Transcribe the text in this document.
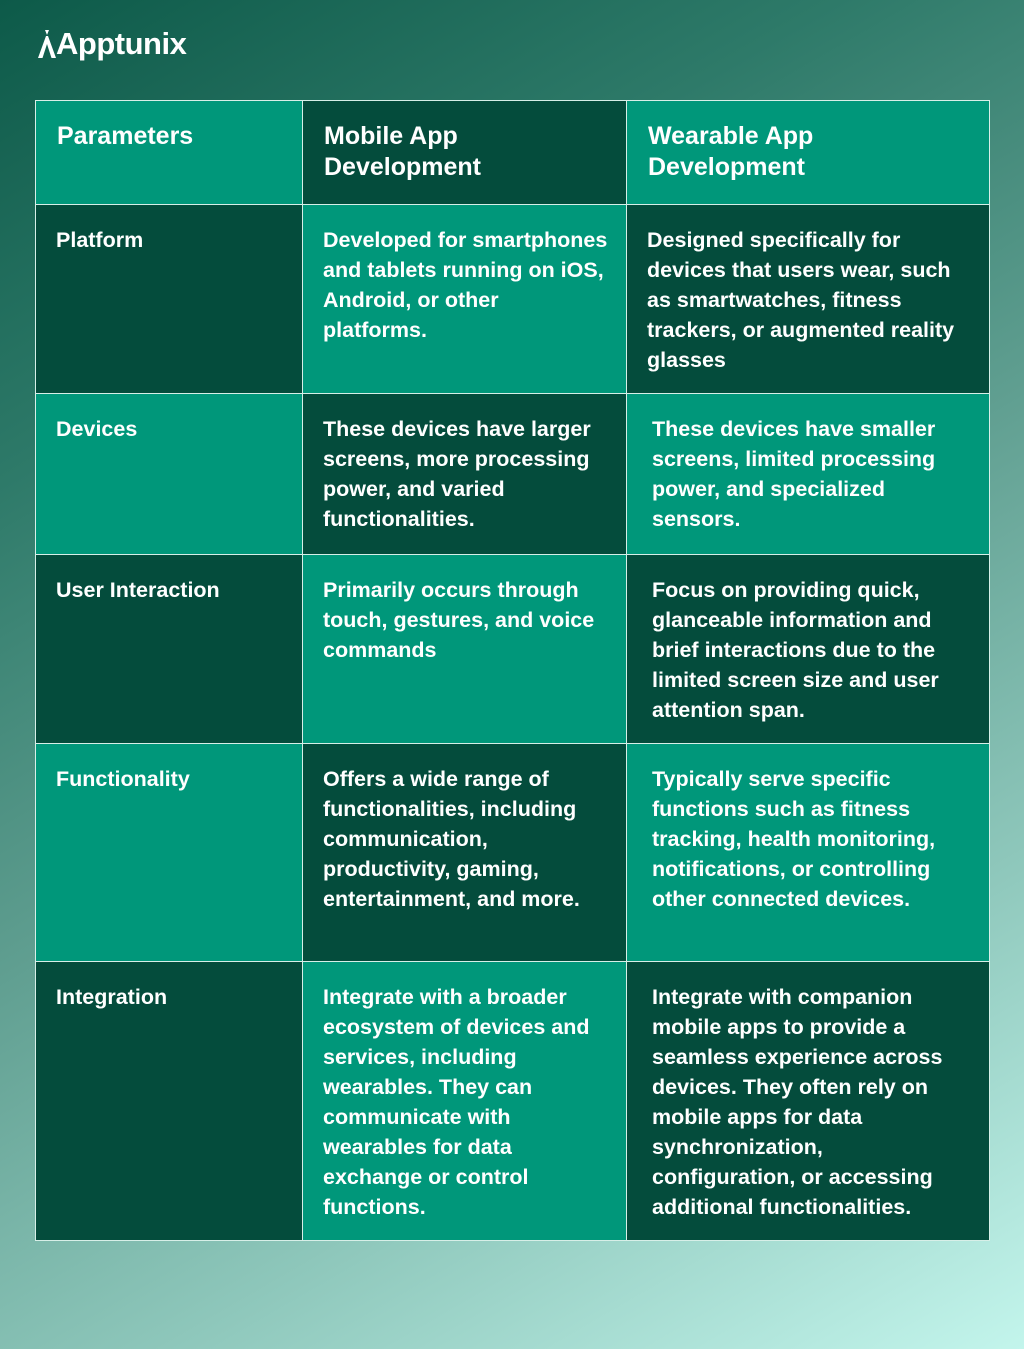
Apptunix
Parameters	Mobile App Development	Wearable App Development
Platform	Developed for smartphones and tablets running on iOS, Android, or other platforms.	Designed specifically for devices that users wear, such as smartwatches, fitness trackers, or augmented reality glasses
Devices	These devices have larger screens, more processing power, and varied functionalities.	These devices have smaller screens, limited processing power, and specialized sensors.
User Interaction	Primarily occurs through touch, gestures, and voice commands	Focus on providing quick, glanceable information and brief interactions due to the limited screen size and user attention span.
Functionality	Offers a wide range of functionalities, including communication, productivity, gaming, entertainment, and more.	Typically serve specific functions such as fitness tracking, health monitoring, notifications, or controlling other connected devices.
Integration	Integrate with a broader ecosystem of devices and services, including wearables. They can communicate with wearables for data exchange or control functions.	Integrate with companion mobile apps to provide a seamless experience across devices. They often rely on mobile apps for data synchronization, configuration, or accessing additional functionalities.
